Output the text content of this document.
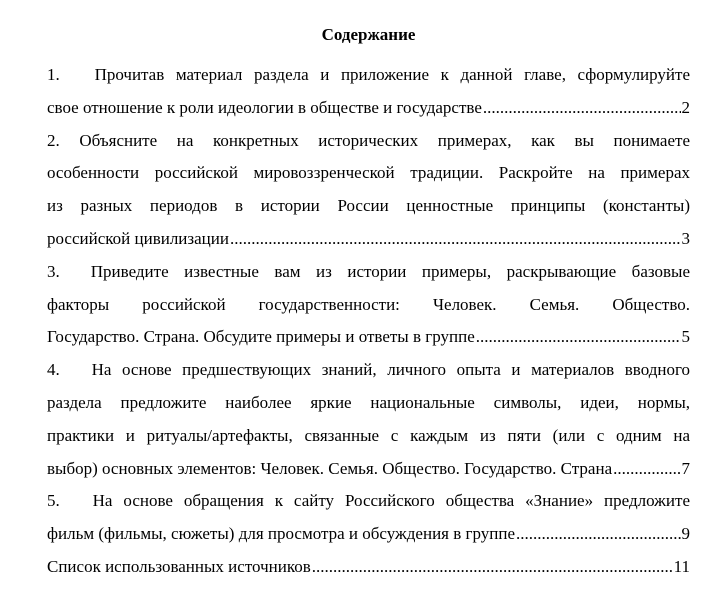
Содержание
1.   Прочитав материал раздела и приложение к данной главе, сформулируйте
свое отношение к роли идеологии в обществе и государстве .....	2
2. Объясните на конкретных исторических примерах, как вы понимаете
особенности российской мировоззренческой традиции. Раскройте на примерах
из разных периодов в истории России ценностные принципы (константы)
российской цивилизации .....	3
3.  Приведите известные вам из истории примеры, раскрывающие базовые
факторы российской государственности: Человек. Семья. Общество.
Государство. Страна. Обсудите примеры и ответы в группе .....	5
4.   На основе предшествующих знаний, личного опыта и материалов вводного
раздела предложите наиболее яркие национальные символы, идеи, нормы,
практики и ритуалы/артефакты, связанные с каждым из пяти (или с одним на
выбор) основных элементов: Человек. Семья. Общество. Государство. Страна .....	7
5.   На основе обращения к сайту Российского общества «Знание» предложите
фильм (фильмы, сюжеты) для просмотра и обсуждения в группе .....	9
Список использованных источников .....	11
